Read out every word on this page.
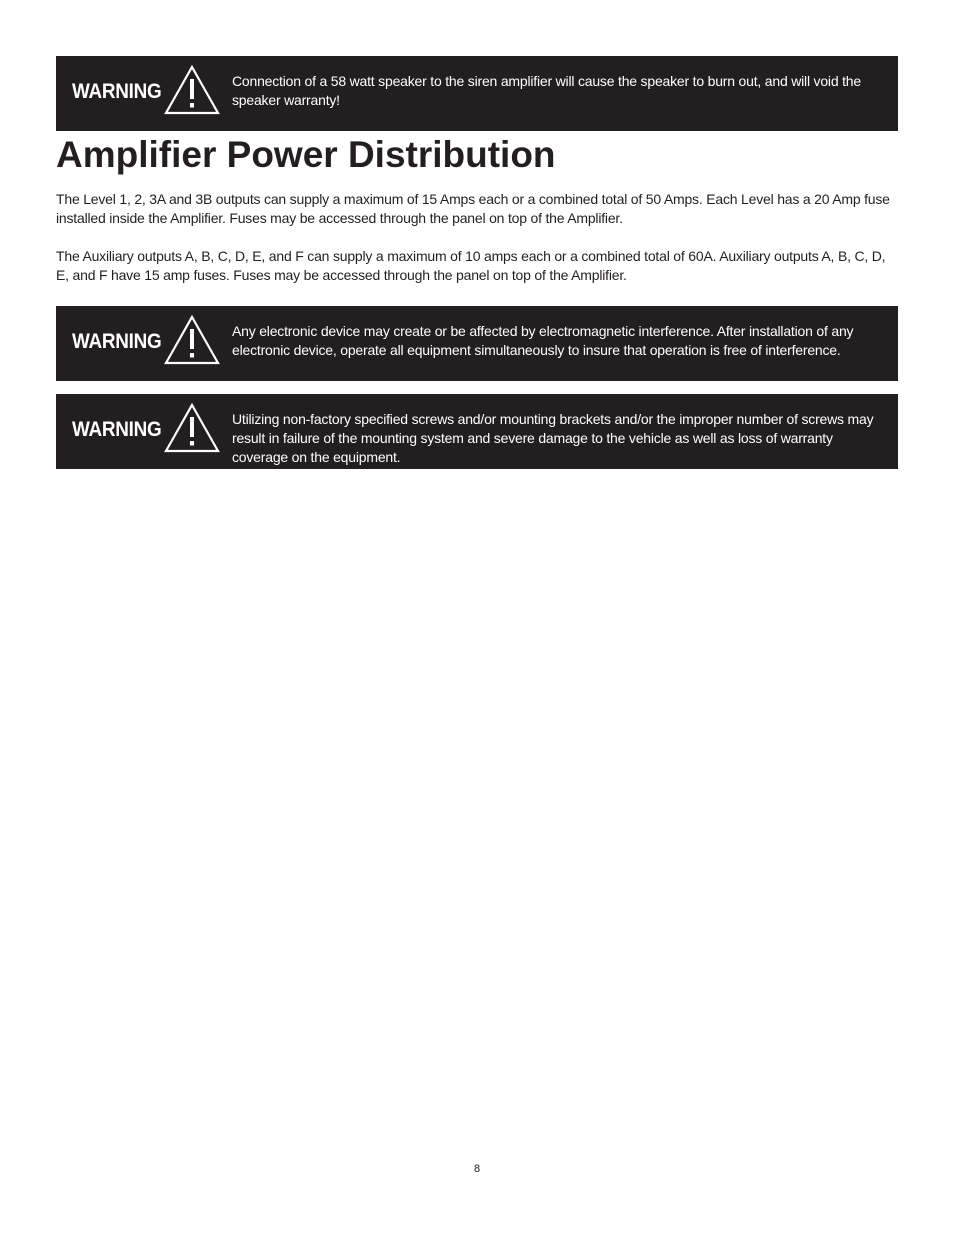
WARNING	Connection of a 58 watt speaker to the siren amplifier will cause the speaker to burn out, and will void the speaker warranty!
Amplifier Power Distribution

The Level 1, 2, 3A and 3B outputs can supply a maximum of 15 Amps each or a combined total of 50 Amps. Each Level has a 20 Amp fuse installed inside the Amplifier. Fuses may be accessed through the panel on top of the Amplifier.

The Auxiliary outputs A, B, C, D, E, and F can supply a maximum of 10 amps each or a combined total of 60A. Auxiliary outputs A, B, C, D, E, and F have 15 amp fuses. Fuses may be accessed through the panel on top of the Amplifier.

WARNING	Any electronic device may create or be affected by electromagnetic interference. After installation of any electronic device, operate all equipment simultaneously to insure that operation is free of interference.
WARNING	Utilizing non-factory specified screws and/or mounting brackets and/or the improper number of screws may result in failure of the mounting system and severe damage to the vehicle as well as loss of warranty coverage on the equipment.
8
